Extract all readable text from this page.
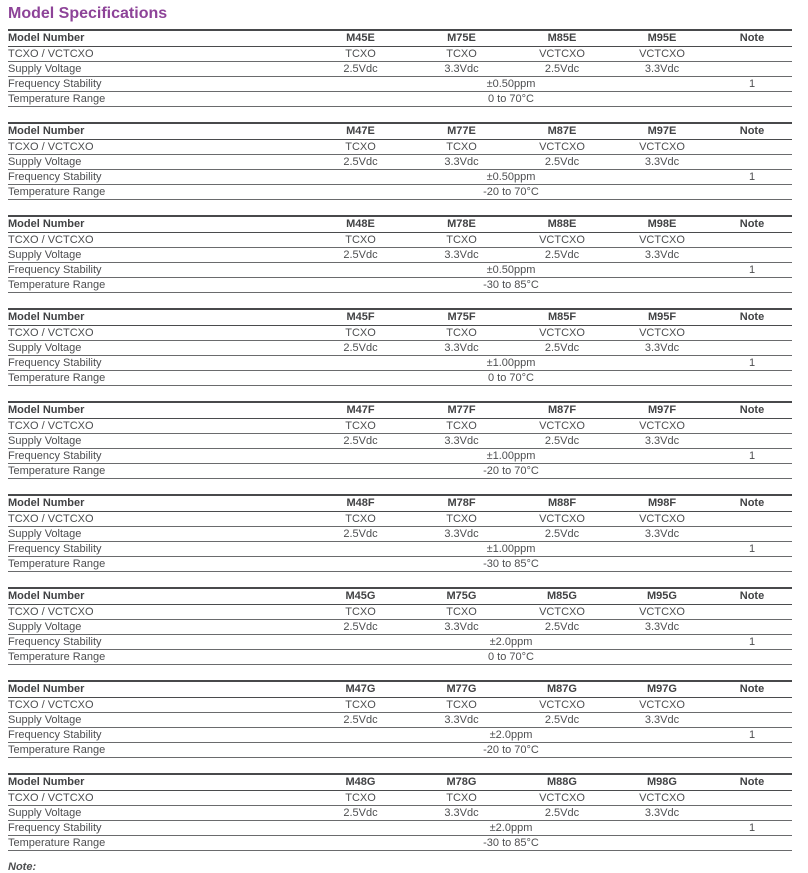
Model Specifications
Model Number	M45E	M75E	M85E	M95E	Note
TCXO / VCTCXO	TCXO	TCXO	VCTCXO	VCTCXO	
Supply Voltage	2.5Vdc	3.3Vdc	2.5Vdc	3.3Vdc	
Frequency Stability	±0.50ppm				1
Temperature Range	0 to 70°C				
Model Number	M47E	M77E	M87E	M97E	Note
TCXO / VCTCXO	TCXO	TCXO	VCTCXO	VCTCXO	
Supply Voltage	2.5Vdc	3.3Vdc	2.5Vdc	3.3Vdc	
Frequency Stability	±0.50ppm				1
Temperature Range	-20 to 70°C				
Model Number	M48E	M78E	M88E	M98E	Note
TCXO / VCTCXO	TCXO	TCXO	VCTCXO	VCTCXO	
Supply Voltage	2.5Vdc	3.3Vdc	2.5Vdc	3.3Vdc	
Frequency Stability	±0.50ppm				1
Temperature Range	-30 to 85°C				
Model Number	M45F	M75F	M85F	M95F	Note
TCXO / VCTCXO	TCXO	TCXO	VCTCXO	VCTCXO	
Supply Voltage	2.5Vdc	3.3Vdc	2.5Vdc	3.3Vdc	
Frequency Stability	±1.00ppm				1
Temperature Range	0 to 70°C				
Model Number	M47F	M77F	M87F	M97F	Note
TCXO / VCTCXO	TCXO	TCXO	VCTCXO	VCTCXO	
Supply Voltage	2.5Vdc	3.3Vdc	2.5Vdc	3.3Vdc	
Frequency Stability	±1.00ppm				1
Temperature Range	-20 to 70°C				
Model Number	M48F	M78F	M88F	M98F	Note
TCXO / VCTCXO	TCXO	TCXO	VCTCXO	VCTCXO	
Supply Voltage	2.5Vdc	3.3Vdc	2.5Vdc	3.3Vdc	
Frequency Stability	±1.00ppm				1
Temperature Range	-30 to 85°C				
Model Number	M45G	M75G	M85G	M95G	Note
TCXO / VCTCXO	TCXO	TCXO	VCTCXO	VCTCXO	
Supply Voltage	2.5Vdc	3.3Vdc	2.5Vdc	3.3Vdc	
Frequency Stability	±2.0ppm				1
Temperature Range	0 to 70°C				
Model Number	M47G	M77G	M87G	M97G	Note
TCXO / VCTCXO	TCXO	TCXO	VCTCXO	VCTCXO	
Supply Voltage	2.5Vdc	3.3Vdc	2.5Vdc	3.3Vdc	
Frequency Stability	±2.0ppm				1
Temperature Range	-20 to 70°C				
Model Number	M48G	M78G	M88G	M98G	Note
TCXO / VCTCXO	TCXO	TCXO	VCTCXO	VCTCXO	
Supply Voltage	2.5Vdc	3.3Vdc	2.5Vdc	3.3Vdc	
Frequency Stability	±2.0ppm				1
Temperature Range	-30 to 85°C				
Note:
